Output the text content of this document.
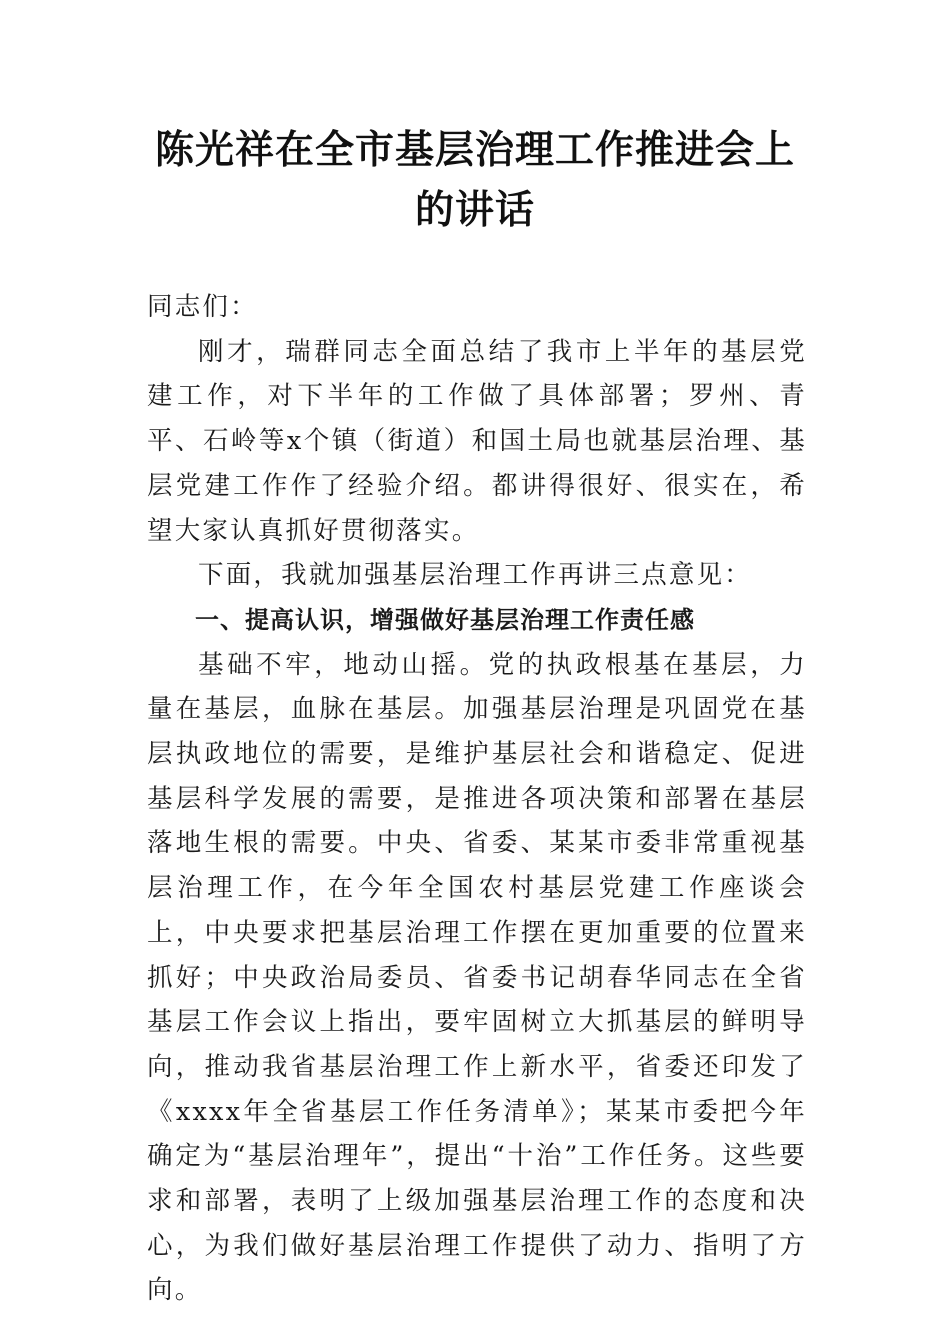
陈光祥在全市基层治理工作推进会上的讲话

同志们：

刚才，瑞群同志全面总结了我市上半年的基层党建工作，对下半年的工作做了具体部署；罗州、青平、石岭等x个镇（街道）和国土局也就基层治理、基层党建工作作了经验介绍。都讲得很好、很实在，希望大家认真抓好贯彻落实。

下面，我就加强基层治理工作再讲三点意见：

一、提高认识，增强做好基层治理工作责任感

基础不牢，地动山摇。党的执政根基在基层，力量在基层，血脉在基层。加强基层治理是巩固党在基层执政地位的需要，是维护基层社会和谐稳定、促进基层科学发展的需要，是推进各项决策和部署在基层落地生根的需要。中央、省委、某某市委非常重视基层治理工作，在今年全国农村基层党建工作座谈会上，中央要求把基层治理工作摆在更加重要的位置来抓好；中央政治局委员、省委书记胡春华同志在全省基层工作会议上指出，要牢固树立大抓基层的鲜明导向，推动我省基层治理工作上新水平，省委还印发了《xxxx年全省基层工作任务清单》；某某市委把今年确定为“基层治理年”，提出“十治”工作任务。这些要求和部署，表明了上级加强基层治理工作的态度和决心，为我们做好基层治理工作提供了动力、指明了方向。
